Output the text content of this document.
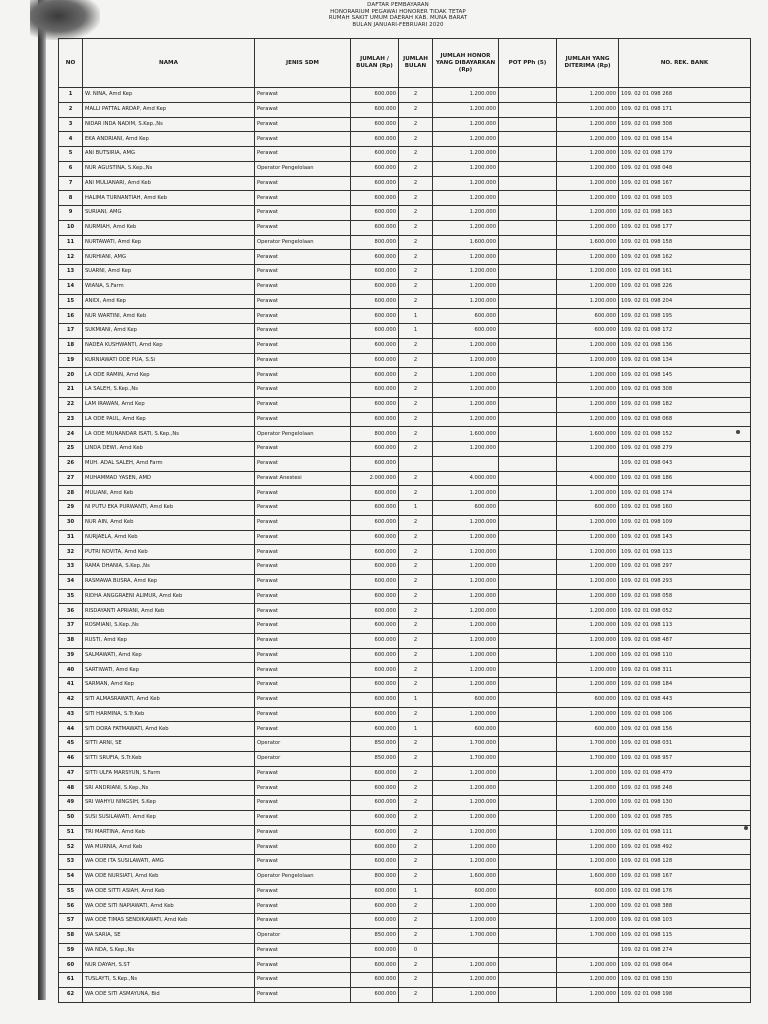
DAFTAR PEMBAYARAN
HONORARIUM PEGAWAI HONORER TIDAK TETAP
RUMAH SAKIT UMUM DAERAH KAB. MUNA BARAT
BULAN JANUARI-FEBRUARI 2020
NO	NAMA	JENIS SDM	JUMLAH / BULAN (Rp)	JUMLAH BULAN	JUMLAH HONOR YANG DIBAYARKAN (Rp)	POT PPh (5)	JUMLAH YANG DITERIMA (Rp)	NO. REK. BANK
1	W. NINA, Amd Kep	Perawat	600.000	2	1.200.000		1.200.000	109. 02 01 098 268
2	MALLI PATTAL ARDAP, Amd Kep	Perawat	600.000	2	1.200.000		1.200.000	109. 02 01 098 171
3	NIDAR INDA NADIM, S.Kep.,Ns	Perawat	600.000	2	1.200.000		1.200.000	109. 02 01 098 308
4	EKA ANDRIANI, Amd Kep	Perawat	600.000	2	1.200.000		1.200.000	109. 02 01 098 154
5	ANI BUTSIRIA, AMG	Perawat	600.000	2	1.200.000		1.200.000	109. 02 01 098 179
6	NUR AGUSTINA, S.Kep.,Ns	Operator Pengelolaan	600.000	2	1.200.000		1.200.000	109. 02 01 098 048
7	ANI MULIANARI, Amd Keb	Perawat	600.000	2	1.200.000		1.200.000	109. 02 01 098 167
8	HALIMA TURNANTIAH, Amd Keb	Perawat	600.000	2	1.200.000		1.200.000	109. 02 01 098 103
9	SURIANI, AMG	Perawat	600.000	2	1.200.000		1.200.000	109. 02 01 098 163
10	NURMIAH, Amd Keb	Perawat	600.000	2	1.200.000		1.200.000	109. 02 01 098 177
11	NURTAWATI, Amd Kep	Operator Pengelolaan	800.000	2	1.600.000		1.600.000	109. 02 01 098 158
12	NURHIANI, AMG	Perawat	600.000	2	1.200.000		1.200.000	109. 02 01 098 162
13	SUARNI, Amd Kep	Perawat	600.000	2	1.200.000		1.200.000	109. 02 01 098 161
14	WIANA, S.Farm	Perawat	600.000	2	1.200.000		1.200.000	109. 02 01 098 226
15	ANIDI, Amd Kep	Perawat	600.000	2	1.200.000		1.200.000	109. 02 01 098 204
16	NUR WARTINI, Amd Keb	Perawat	600.000	1	600.000		600.000	109. 02 01 098 195
17	SUKMIANI, Amd Kep	Perawat	600.000	1	600.000		600.000	109. 02 01 098 172
18	NADEA KUSHWANTI, Amd Kep	Perawat	600.000	2	1.200.000		1.200.000	109. 02 01 098 136
19	KURNIAWATI ODE PUA, S.Si	Perawat	600.000	2	1.200.000		1.200.000	109. 02 01 098 134
20	LA ODE RAMIN, Amd Kep	Perawat	600.000	2	1.200.000		1.200.000	109. 02 01 098 145
21	LA SALEH, S.Kep.,Ns	Perawat	600.000	2	1.200.000		1.200.000	109. 02 01 098 308
22	LAM IRAWAN, Amd Kep	Perawat	600.000	2	1.200.000		1.200.000	109. 02 01 098 182
23	LA ODE PAUL, Amd Kep	Perawat	600.000	2	1.200.000		1.200.000	109. 02 01 098 068
24	LA ODE MUNANDAR ISATI, S.Kep.,Ns	Operator Pengelolaan	800.000	2	1.600.000		1.600.000	109. 02 01 098 152
25	LINDA DEWI, Amd Keb	Perawat	600.000	2	1.200.000		1.200.000	109. 02 01 098 279
26	MUH. ADAL SALEH, Amd Farm	Perawat	600.000					109. 02 01 098 043
27	MUHAMMAD YASEN, AMD	Perawat Anestesi	2.000.000	2	4.000.000		4.000.000	109. 02 01 098 186
28	MULIANI, Amd Keb	Perawat	600.000	2	1.200.000		1.200.000	109. 02 01 098 174
29	NI PUTU EKA PURWANTI, Amd Keb	Perawat	600.000	1	600.000		600.000	109. 02 01 098 160
30	NUR AIN, Amd Keb	Perawat	600.000	2	1.200.000		1.200.000	109. 02 01 098 109
31	NURJAELA, Amd Keb	Perawat	600.000	2	1.200.000		1.200.000	109. 02 01 098 143
32	PUTRI NOVITA, Amd Keb	Perawat	600.000	2	1.200.000		1.200.000	109. 02 01 098 113
33	RAMA DHANIA, S.Kep.,Ns	Perawat	600.000	2	1.200.000		1.200.000	109. 02 01 098 297
34	RASMAWA BUSRA, Amd Kep	Perawat	600.000	2	1.200.000		1.200.000	109. 02 01 098 293
35	RIDHA ANGGRAENI ALIMUR, Amd Keb	Perawat	600.000	2	1.200.000		1.200.000	109. 02 01 098 058
36	RISDAYANTI APRIANI, Amd Keb	Perawat	600.000	2	1.200.000		1.200.000	109. 02 01 098 052
37	ROSMIANI, S.Kep.,Ns	Perawat	600.000	2	1.200.000		1.200.000	109. 02 01 098 113
38	RUSTI, Amd Kep	Perawat	600.000	2	1.200.000		1.200.000	109. 02 01 098 487
39	SALMAWATI, Amd Kep	Perawat	600.000	2	1.200.000		1.200.000	109. 02 01 098 110
40	SARTIWATI, Amd Kep	Perawat	600.000	2	1.200.000		1.200.000	109. 02 01 098 311
41	SARMAN, Amd Kep	Perawat	600.000	2	1.200.000		1.200.000	109. 02 01 098 184
42	SITI ALMASRAWATI, Amd Keb	Perawat	600.000	1	600.000		600.000	109. 02 01 098 443
43	SITI HARMINA, S.Tr.Keb	Perawat	600.000	2	1.200.000		1.200.000	109. 02 01 098 106
44	SITI DORA FATMAWATI, Amd Keb	Perawat	600.000	1	600.000		600.000	109. 02 01 098 156
45	SITTI ARNI, SE	Operator	850.000	2	1.700.000		1.700.000	109. 02 01 098 031
46	SITTI SRUFIA, S.Tr.Keb	Operator	850.000	2	1.700.000		1.700.000	109. 02 01 098 957
47	SITTI ULFA MARSYUN, S.Farm	Perawat	600.000	2	1.200.000		1.200.000	109. 02 01 098 479
48	SRI ANDRIANI, S.Kep.,Ns	Perawat	600.000	2	1.200.000		1.200.000	109. 02 01 098 248
49	SRI WAHYU NINGSIH, S.Kep	Perawat	600.000	2	1.200.000		1.200.000	109. 02 01 098 130
50	SUSI SUSILAWATI, Amd Kep	Perawat	600.000	2	1.200.000		1.200.000	109. 02 01 098 785
51	TRI MARTINA, Amd Keb	Perawat	600.000	2	1.200.000		1.200.000	109. 02 01 098 111
52	WA MURNIA, Amd Keb	Perawat	600.000	2	1.200.000		1.200.000	109. 02 01 098 492
53	WA ODE ITA SUSILAWATI, AMG	Perawat	600.000	2	1.200.000		1.200.000	109. 02 01 098 128
54	WA ODE NURSIATI, Amd Keb	Operator Pengelolaan	800.000	2	1.600.000		1.600.000	109. 02 01 098 167
55	WA ODE SITTI ASIAH, Amd Keb	Perawat	600.000	1	600.000		600.000	109. 02 01 098 176
56	WA ODE SITI NAPIAWATI, Amd Keb	Perawat	600.000	2	1.200.000		1.200.000	109. 02 01 098 388
57	WA ODE TIMAS SENDIKAWATI, Amd Keb	Perawat	600.000	2	1.200.000		1.200.000	109. 02 01 098 103
58	WA SARIA, SE	Operator	850.000	2	1.700.000		1.700.000	109. 02 01 098 115
59	WA NDA, S.Kep.,Ns	Perawat	600.000	0				109. 02 01 098 274
60	NUR DAYAH, S.ST	Perawat	600.000	2	1.200.000		1.200.000	109. 02 01 098 064
61	TUSLAYTI, S.Kep.,Ns	Perawat	600.000	2	1.200.000		1.200.000	109. 02 01 098 130
62	WA ODE SITI ASMAYUNA, Bid	Perawat	600.000	2	1.200.000		1.200.000	109. 02 01 098 198
